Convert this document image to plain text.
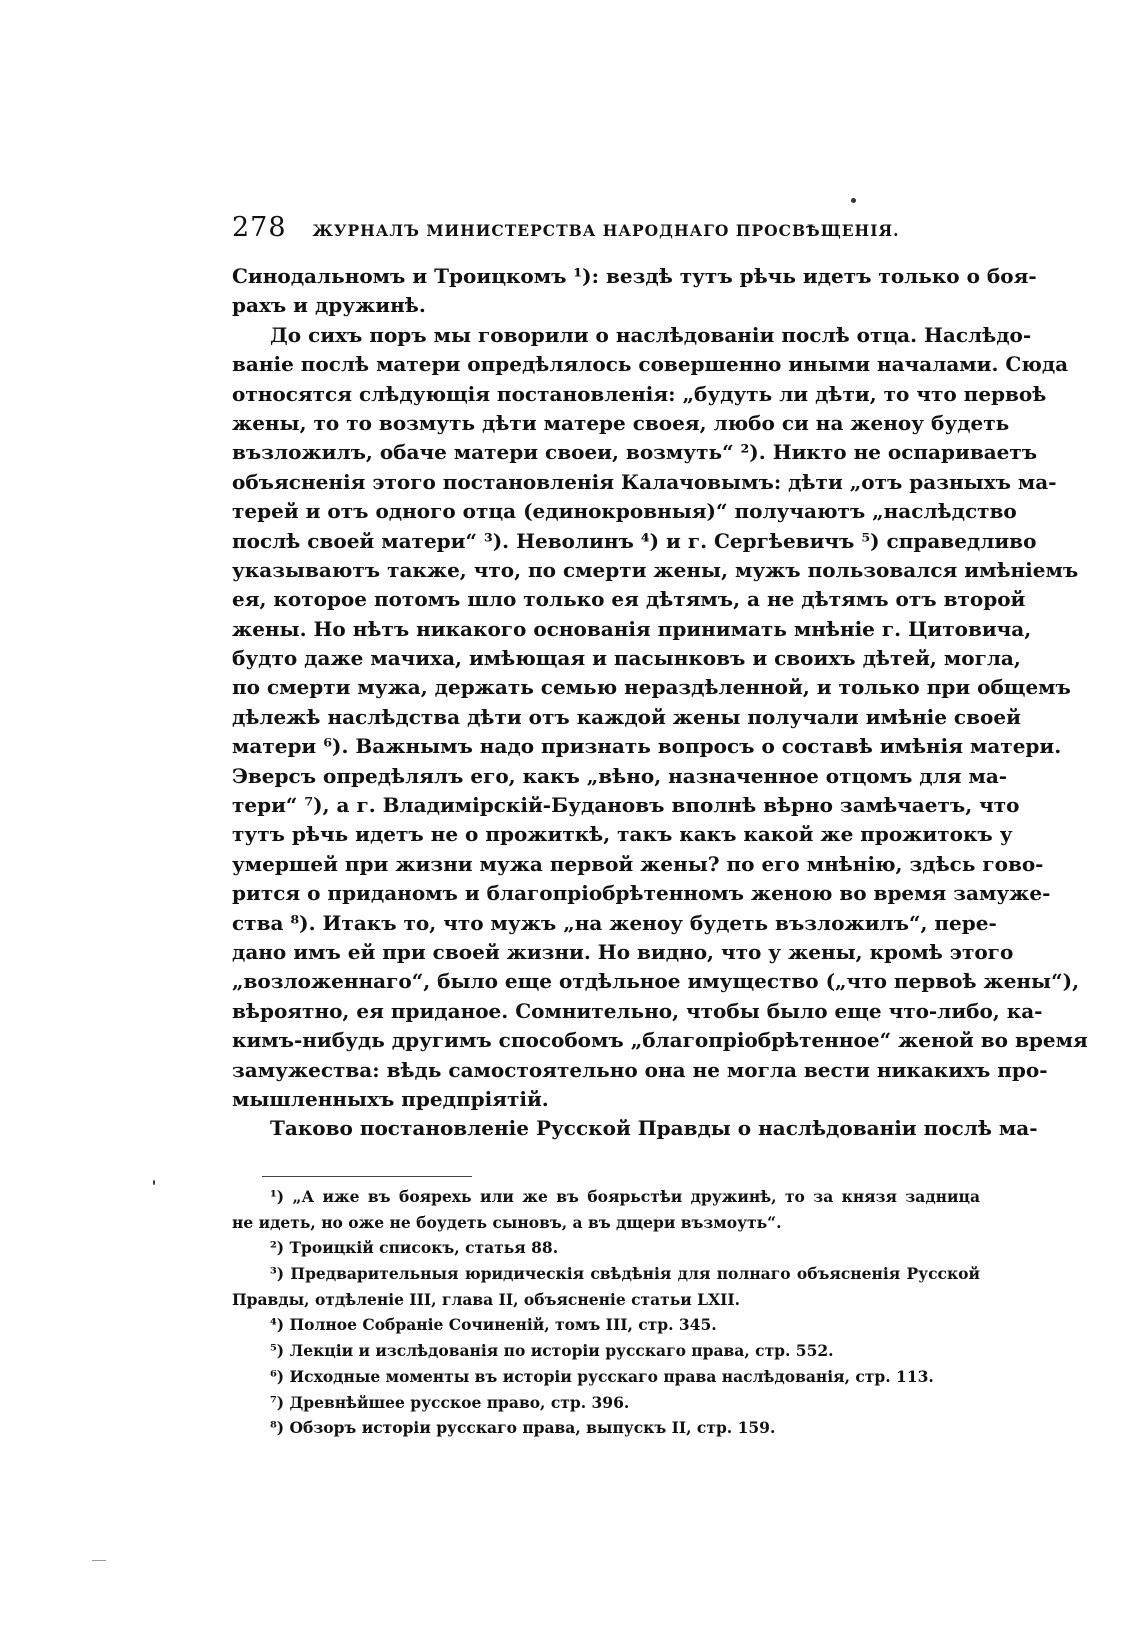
278 ЖУРНАЛЪ МИНИСТЕРСТВА НАРОДНАГО ПРОСВѢЩЕНІЯ.
Синодальномъ и Троицкомъ ¹): вездѣ тутъ рѣчь идетъ только о боя-
рахъ и дружинѣ.
До сихъ поръ мы говорили о наслѣдованіи послѣ отца. Наслѣдо-
ваніе послѣ матери опредѣлялось совершенно иными началами. Сюда
относятся слѣдующія постановленія: „будуть ли дѣти, то что первоѣ
жены, то то возмуть дѣти матере своея, любо си на женоу будеть
възложилъ, обаче матери своеи, возмуть“ ²). Никто не оспариваетъ
объясненія этого постановленія Калачовымъ: дѣти „отъ разныхъ ма-
терей и отъ одного отца (единокровныя)“ получаютъ „наслѣдство
послѣ своей матери“ ³). Неволинъ ⁴) и г. Сергѣевичъ ⁵) справедливо
указываютъ также, что, по смерти жены, мужъ пользовался имѣніемъ
ея, которое потомъ шло только ея дѣтямъ, а не дѣтямъ отъ второй
жены. Но нѣтъ никакого основанія принимать мнѣніе г. Цитовича,
будто даже мачиха, имѣющая и пасынковъ и своихъ дѣтей, могла,
по смерти мужа, держать семью нераздѣленной, и только при общемъ
дѣлежѣ наслѣдства дѣти отъ каждой жены получали имѣніе своей
матери ⁶). Важнымъ надо признать вопросъ о составѣ имѣнія матери.
Эверсъ опредѣлялъ его, какъ „вѣно, назначенное отцомъ для ма-
тери“ ⁷), а г. Владимірскій-Будановъ вполнѣ вѣрно замѣчаетъ, что
тутъ рѣчь идетъ не о прожиткѣ, такъ какъ какой же прожитокъ у
умершей при жизни мужа первой жены? по его мнѣнію, здѣсь гово-
рится о приданомъ и благопріобрѣтенномъ женою во время замуже-
ства ⁸). Итакъ то, что мужъ „на женоу будеть възложилъ“, пере-
дано имъ ей при своей жизни. Но видно, что у жены, кромѣ этого
„возложеннаго“, было еще отдѣльное имущество („что первоѣ жены“),
вѣроятно, ея приданое. Сомнительно, чтобы было еще что-либо, ка-
кимъ-нибудь другимъ способомъ „благопріобрѣтенное“ женой во время
замужества: вѣдь самостоятельно она не могла вести никакихъ про-
мышленныхъ предпріятій.
Таково постановленіе Русской Правды о наслѣдованіи послѣ ма-
¹) „А иже въ боярехь или же въ боярьстѣи дружинѣ, то за князя задница
не идеть, но оже не боудеть сыновъ, а въ дщери възмоуть“.
²) Троицкій списокъ, статья 88.
³) Предварительныя юридическія свѣдѣнія для полнаго объясненія Русской
Правды, отдѣленіе III, глава II, объясненіе статьи LXII.
⁴) Полное Собраніе Сочиненій, томъ III, стр. 345.
⁵) Лекціи и изслѣдованія по исторіи русскаго права, стр. 552.
⁶) Исходные моменты въ исторіи русскаго права наслѣдованія, стр. 113.
⁷) Древнѣйшее русское право, стр. 396.
⁸) Обзоръ исторіи русскаго права, выпускъ II, стр. 159.
